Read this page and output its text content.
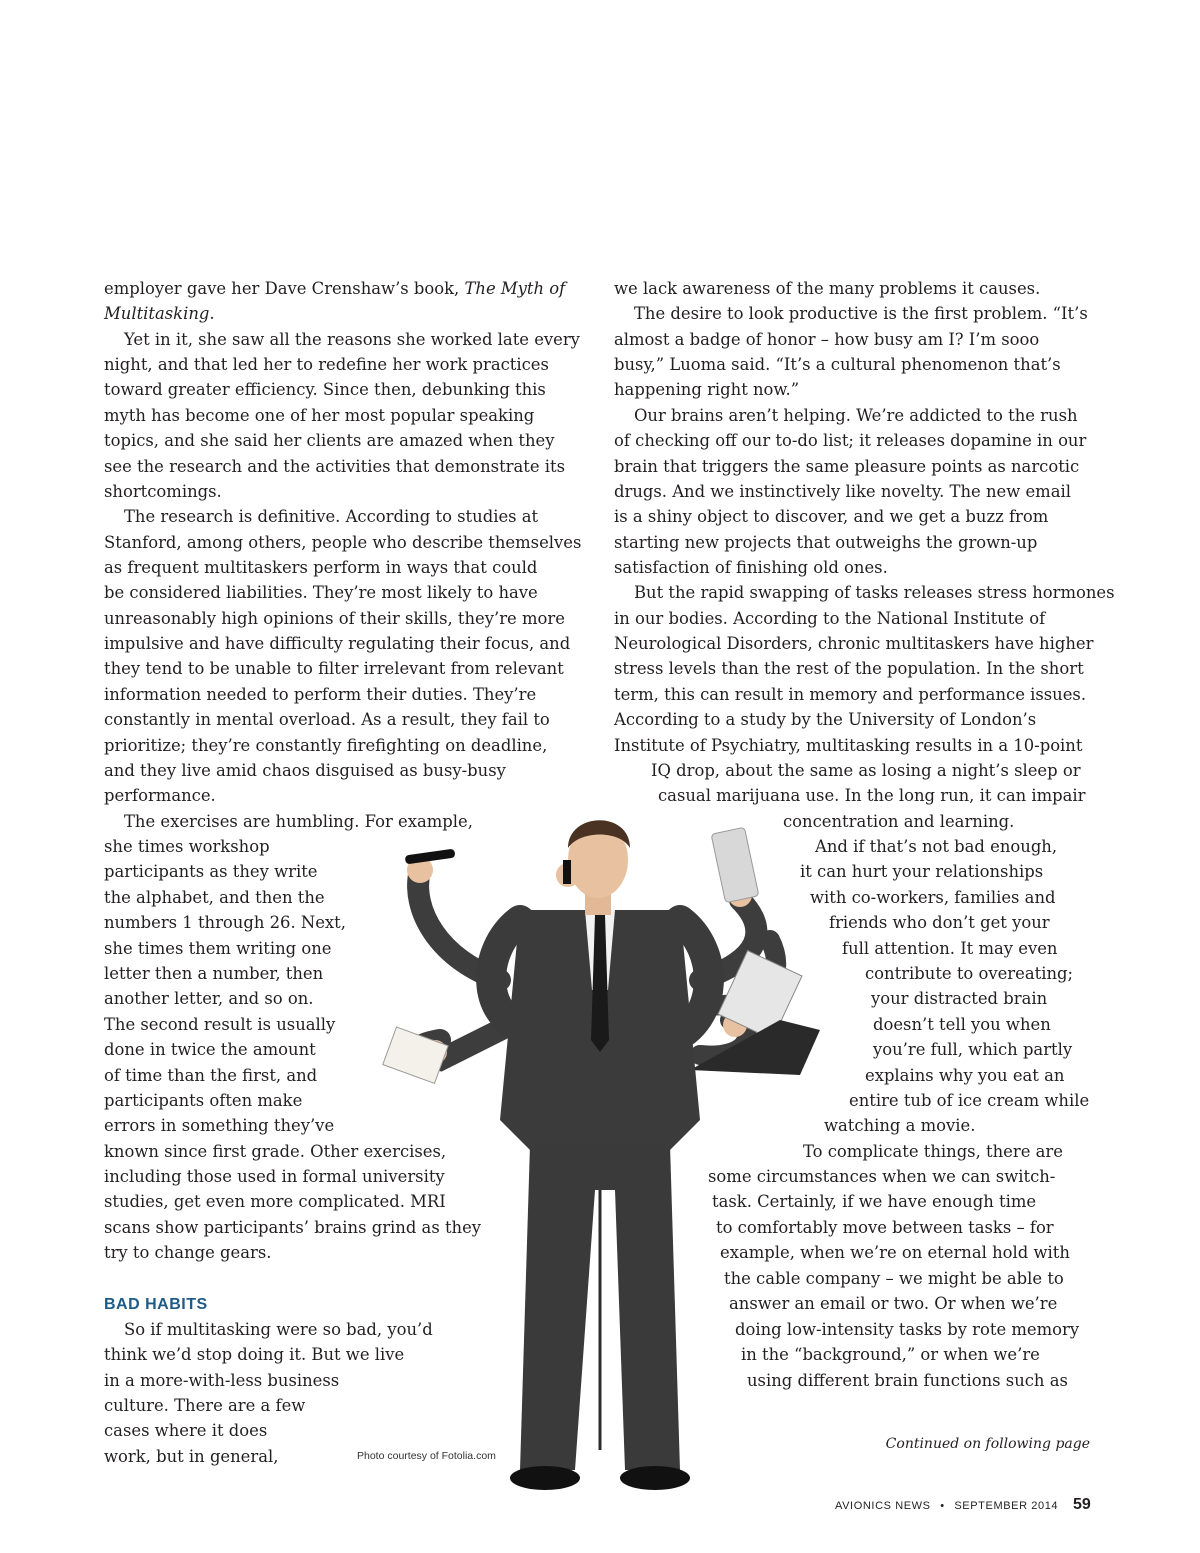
employer gave her Dave Crenshaw’s book, The Myth of

Multitasking.

Yet in it, she saw all the reasons she worked late every

night, and that led her to redefine her work practices

toward greater efficiency. Since then, debunking this

myth has become one of her most popular speaking

topics, and she said her clients are amazed when they

see the research and the activities that demonstrate its

shortcomings.

The research is definitive. According to studies at

Stanford, among others, people who describe themselves

as frequent multitaskers perform in ways that could

be considered liabilities. They’re most likely to have

unreasonably high opinions of their skills, they’re more

impulsive and have difficulty regulating their focus, and

they tend to be unable to filter irrelevant from relevant

information needed to perform their duties. They’re

constantly in mental overload. As a result, they fail to

prioritize; they’re constantly firefighting on deadline,

and they live amid chaos disguised as busy-busy

performance.

The exercises are humbling. For example,

she times workshop

participants as they write

the alphabet, and then the

numbers 1 through 26. Next,

she times them writing one

letter then a number, then

another letter, and so on.

The second result is usually

done in twice the amount

of time than the first, and

participants often make

errors in something they’ve

known since first grade. Other exercises,

including those used in formal university

studies, get even more complicated. MRI

scans show participants’ brains grind as they

try to change gears.

BAD HABITS

So if multitasking were so bad, you’d

think we’d stop doing it. But we live

in a more-with-less business

culture. There are a few

cases where it does

work, but in general,

we lack awareness of the many problems it causes.

The desire to look productive is the first problem. “It’s

almost a badge of honor – how busy am I? I’m sooo

busy,” Luoma said. “It’s a cultural phenomenon that’s

happening right now.”

Our brains aren’t helping. We’re addicted to the rush

of checking off our to-do list; it releases dopamine in our

brain that triggers the same pleasure points as narcotic

drugs. And we instinctively like novelty. The new email

is a shiny object to discover, and we get a buzz from

starting new projects that outweighs the grown-up

satisfaction of finishing old ones.

But the rapid swapping of tasks releases stress hormones

in our bodies. According to the National Institute of

Neurological Disorders, chronic multitaskers have higher

stress levels than the rest of the population. In the short

term, this can result in memory and performance issues.

According to a study by the University of London’s

Institute of Psychiatry, multitasking results in a 10-point

IQ drop, about the same as losing a night’s sleep or

casual marijuana use. In the long run, it can impair

concentration and learning.

And if that’s not bad enough,

it can hurt your relationships

with co-workers, families and

friends who don’t get your

full attention. It may even

contribute to overeating;

your distracted brain

doesn’t tell you when

you’re full, which partly

explains why you eat an

entire tub of ice cream while

watching a movie.

To complicate things, there are

some circumstances when we can switch-

task. Certainly, if we have enough time

to comfortably move between tasks – for

example, when we’re on eternal hold with

the cable company – we might be able to

answer an email or two. Or when we’re

doing low-intensity tasks by rote memory

in the “background,” or when we’re

using different brain functions such as

Continued on following page
Photo courtesy of Fotolia.com
AVIONICS NEWS • SEPTEMBER 2014 59
